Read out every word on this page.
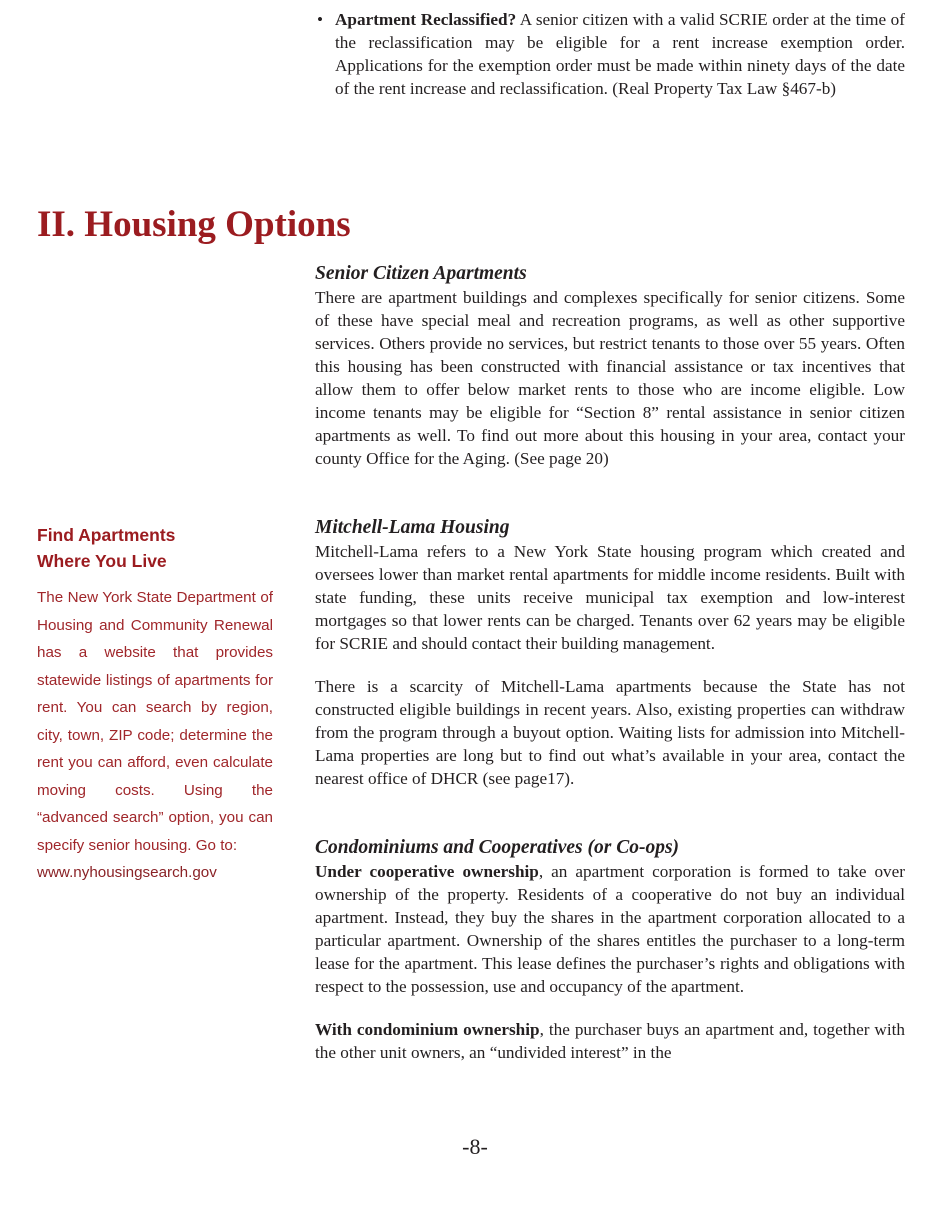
• Apartment Reclassified? A senior citizen with a valid SCRIE order at the time of the reclassification may be eligible for a rent increase exemption order. Applications for the exemption order must be made within ninety days of the date of the rent increase and reclassification. (Real Property Tax Law §467-b)

II. Housing Options
Find Apartments
Where You Live

The New York State Department of Housing and Community Renewal has a website that provides statewide listings of apartments for rent. You can search by region, city, town, ZIP code; determine the rent you can afford, even calculate moving costs. Using the “advanced search” option, you can specify senior housing. Go to:

www.nyhousingsearch.gov
Senior Citizen Apartments

There are apartment buildings and complexes specifically for senior citizens. Some of these have special meal and recreation programs, as well as other supportive services. Others provide no services, but restrict tenants to those over 55 years. Often this housing has been constructed with financial assistance or tax incentives that allow them to offer below market rents to those who are income eligible. Low income tenants may be eligible for “Section 8” rental assistance in senior citizen apartments as well. To find out more about this housing in your area, contact your county Office for the Aging. (See page 20)

Mitchell-Lama Housing

Mitchell-Lama refers to a New York State housing program which created and oversees lower than market rental apartments for middle income residents. Built with state funding, these units receive municipal tax exemption and low-interest mortgages so that lower rents can be charged. Tenants over 62 years may be eligible for SCRIE and should contact their building management.

There is a scarcity of Mitchell-Lama apartments because the State has not constructed eligible buildings in recent years. Also, existing properties can withdraw from the program through a buyout option. Waiting lists for admission into Mitchell-Lama properties are long but to find out what’s available in your area, contact the nearest office of DHCR (see page17).

Condominiums and Cooperatives (or Co-ops)

Under cooperative ownership, an apartment corporation is formed to take over ownership of the property. Residents of a cooperative do not buy an individual apartment. Instead, they buy the shares in the apartment corporation allocated to a particular apartment. Ownership of the shares entitles the purchaser to a long-term lease for the apartment. This lease defines the purchaser’s rights and obligations with respect to the possession, use and occupancy of the apartment.

With condominium ownership, the purchaser buys an apartment and, together with the other unit owners, an “undivided interest” in the

-8-
